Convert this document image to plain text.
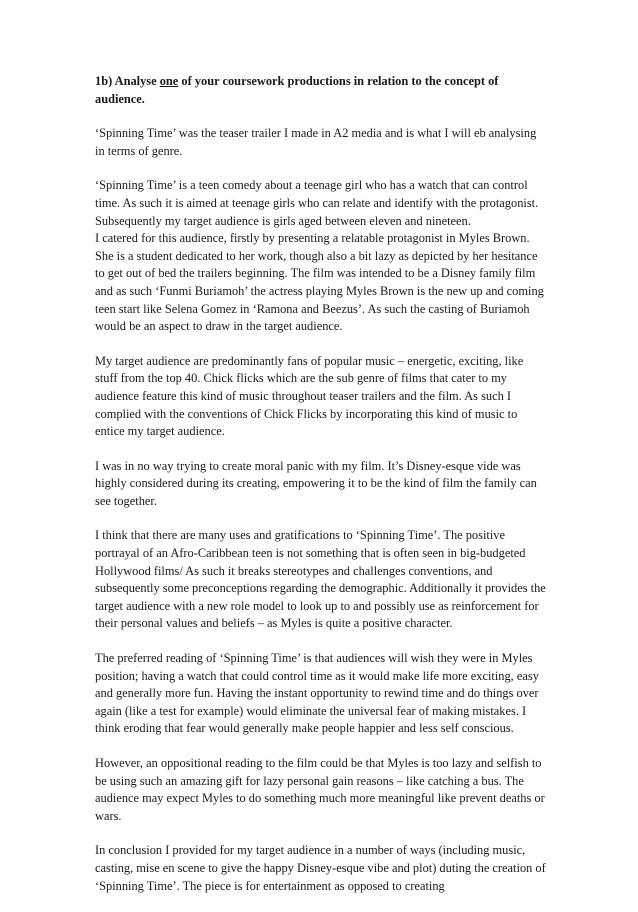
1b) Analyse one of your coursework productions in relation to the concept of audience.

‘Spinning Time’ was the teaser trailer I made in A2 media and is what I will eb analysing in terms of genre.

‘Spinning Time’ is a teen comedy about a teenage girl who has a watch that can control time. As such it is aimed at teenage girls who can relate and identify with the protagonist. Subsequently my target audience is girls aged between eleven and nineteen.

I catered for this audience, firstly by presenting a relatable protagonist in Myles Brown. She is a student dedicated to her work, though also a bit lazy as depicted by her hesitance to get out of bed the trailers beginning. The film was intended to be a Disney family film and as such ‘Funmi Buriamoh’ the actress playing Myles Brown is the new up and coming teen start like Selena Gomez in ‘Ramona and Beezus’. As such the casting of Buriamoh would be an aspect to draw in the target audience.

My target audience are predominantly fans of popular music – energetic, exciting, like stuff from the top 40. Chick flicks which are the sub genre of films that cater to my audience feature this kind of music throughout teaser trailers and the film. As such I complied with the conventions of Chick Flicks by incorporating this kind of music to entice my target audience.

I was in no way trying to create moral panic with my film. It’s Disney-esque vide was highly considered during its creating, empowering it to be the kind of film the family can see together.

I think that there are many uses and gratifications to ‘Spinning Time’. The positive portrayal of an Afro-Caribbean teen is not something that is often seen in big-budgeted Hollywood films/ As such it breaks stereotypes and challenges conventions, and subsequently some preconceptions regarding the demographic. Additionally it provides the target audience with a new role model to look up to and possibly use as reinforcement for their personal values and beliefs – as Myles is quite a positive character.

The preferred reading of ‘Spinning Time’ is that audiences will wish they were in Myles position; having a watch that could control time as it would make life more exciting, easy and generally more fun. Having the instant opportunity to rewind time and do things over again (like a test for example) would eliminate the universal fear of making mistakes. I think eroding that fear would generally make people happier and less self conscious.

However, an oppositional reading to the film could be that Myles is too lazy and selfish to be using such an amazing gift for lazy personal gain reasons – like catching a bus. The audience may expect Myles to do something much more meaningful like prevent deaths or wars.

In conclusion I provided for my target audience in a number of ways (including music, casting, mise en scene to give the happy Disney-esque vibe and plot) duting the creation of ‘Spinning Time’. The piece is for entertainment as opposed to creating
